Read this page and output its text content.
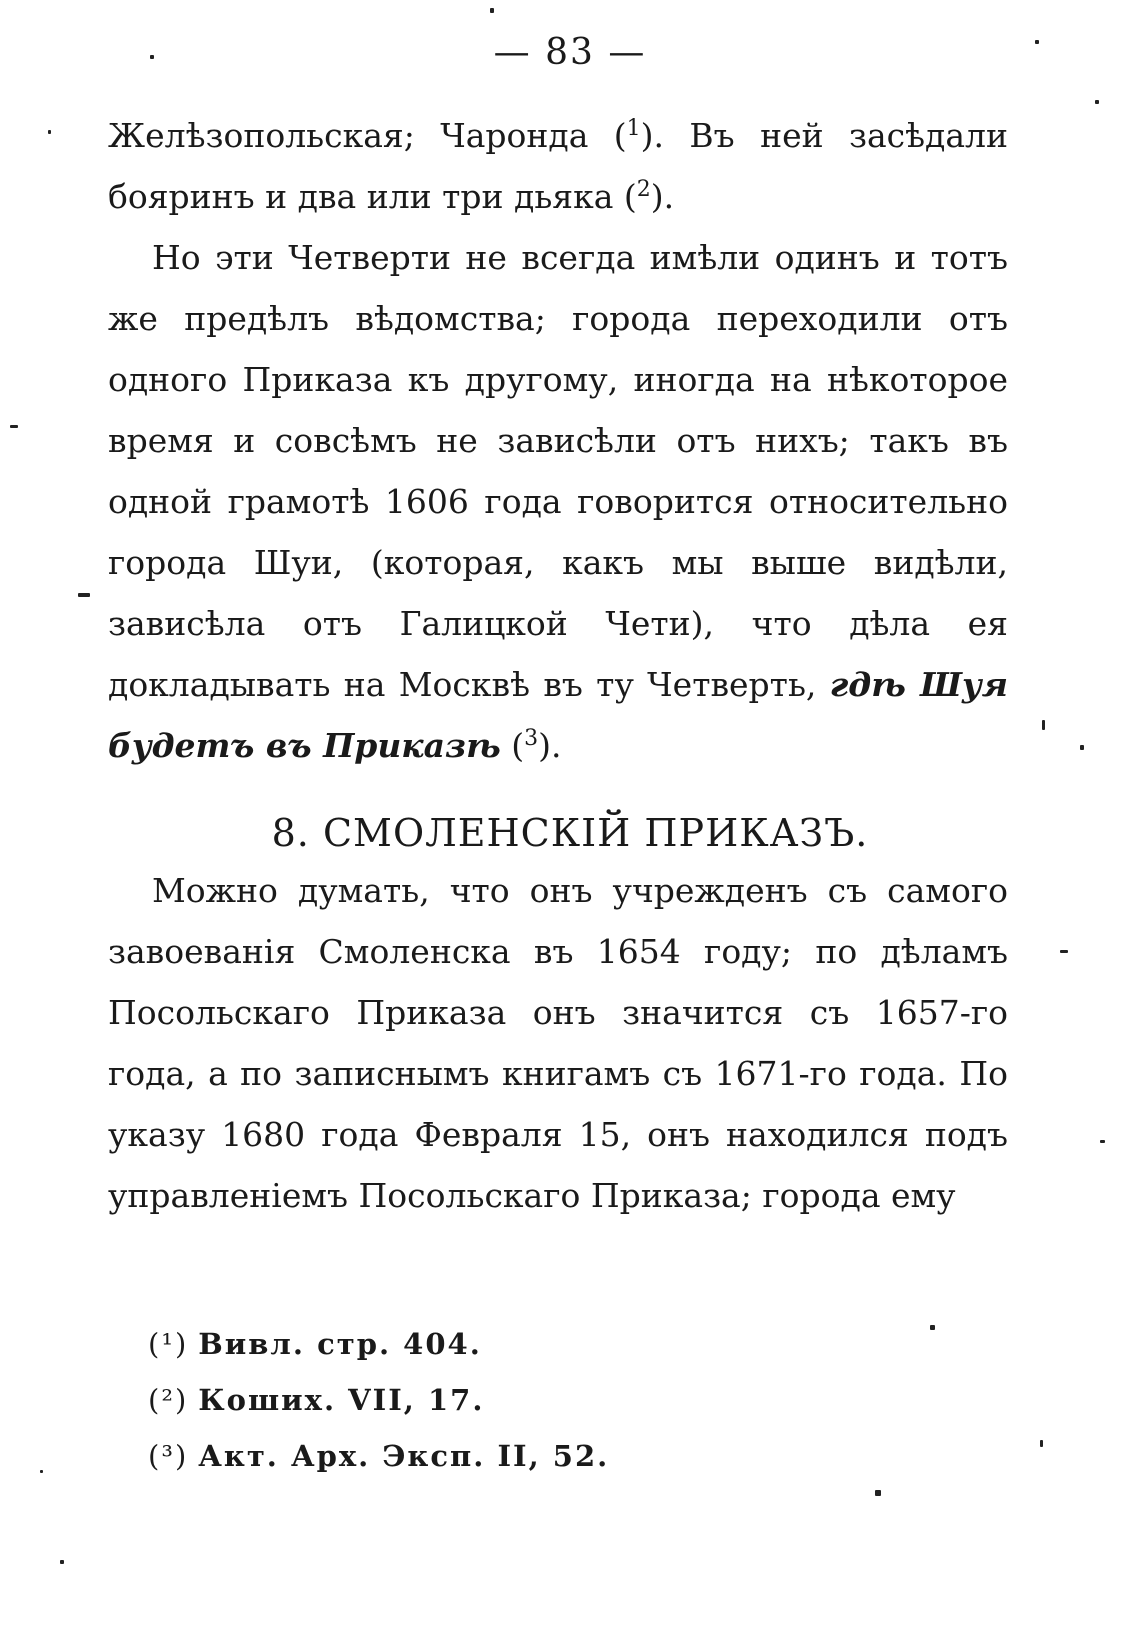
— 83 —

Желѣзопольская; Чаронда ($^1$). Въ ней засѣдали бояринъ и два или три дьяка ($^2$).

Но эти Четверти не всегда имѣли одинъ и тотъ же предѣлъ вѣдомства; города переходили отъ одного Приказа къ другому, иногда на нѣкоторое время и совсѣмъ не зависѣли отъ нихъ; такъ въ одной грамотѣ 1606 года говорится относительно города Шуи, (которая, какъ мы выше видѣли, зависѣла отъ Галицкой Чети), что дѣла ея докладывать на Москвѣ въ ту Четверть, гдѣ Шуя будетъ въ Приказѣ ($^3$).

8. СМОЛЕНСКІЙ ПРИКАЗЪ.

Можно думать, что онъ учрежденъ съ самого завоеванія Смоленска въ 1654 году; по дѣламъ Посольскаго Приказа онъ значится съ 1657-го года, а по записнымъ книгамъ съ 1671-го года. По указу 1680 года Февраля 15, онъ находился подъ управленіемъ Посольскаго Приказа; города ему

(¹) Вивл. стр. 404.
(²) Коших. VII, 17.
(³) Акт. Арх. Эксп. II, 52.
